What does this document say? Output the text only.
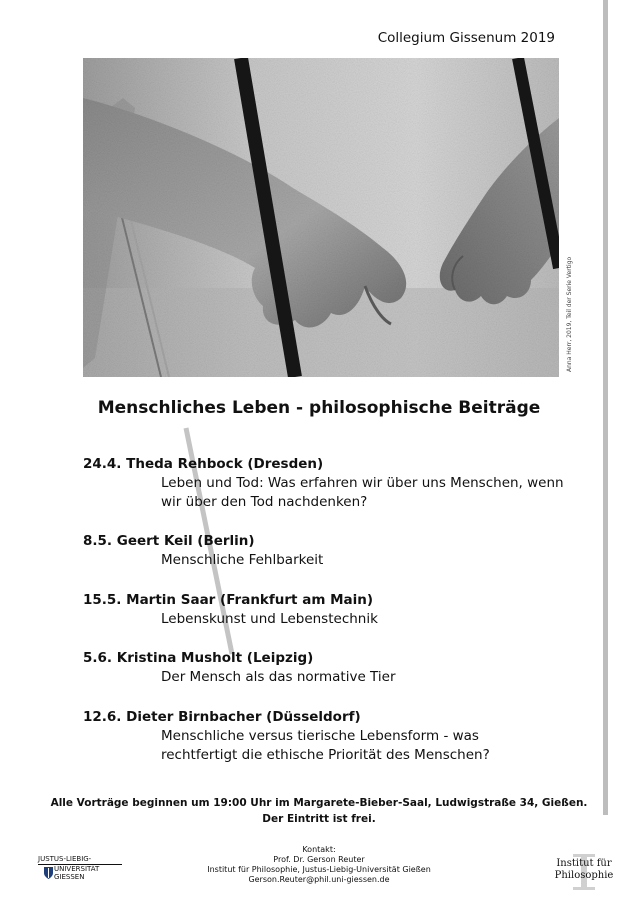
Collegium Gissenum 2019
Anna Herr, 2019, Teil der Serie Vertigo
Menschliches Leben - philosophische Beiträge
24.4. Theda Rehbock (Dresden)
Leben und Tod: Was erfahren wir über uns Menschen, wenn
wir über den Tod nachdenken?
8.5. Geert Keil (Berlin)
Menschliche Fehlbarkeit
15.5. Martin Saar (Frankfurt am Main)
Lebenskunst und Lebenstechnik
5.6. Kristina Musholt (Leipzig)
Der Mensch als das normative Tier
12.6. Dieter Birnbacher (Düsseldorf)
Menschliche versus tierische Lebensform - was
rechtfertigt die ethische Priorität des Menschen?
Alle Vorträge beginnen um 19:00 Uhr im Margarete-Bieber-Saal, Ludwigstraße 34, Gießen.
Der Eintritt ist frei.
Kontakt:
Prof. Dr. Gerson Reuter
Institut für Philosophie, Justus-Liebig-Universität Gießen
Gerson.Reuter@phil.uni-giessen.de
JUSTUS-LIEBIG-
UNIVERSITÄT
GIESSEN
Institut für
Philosophie
